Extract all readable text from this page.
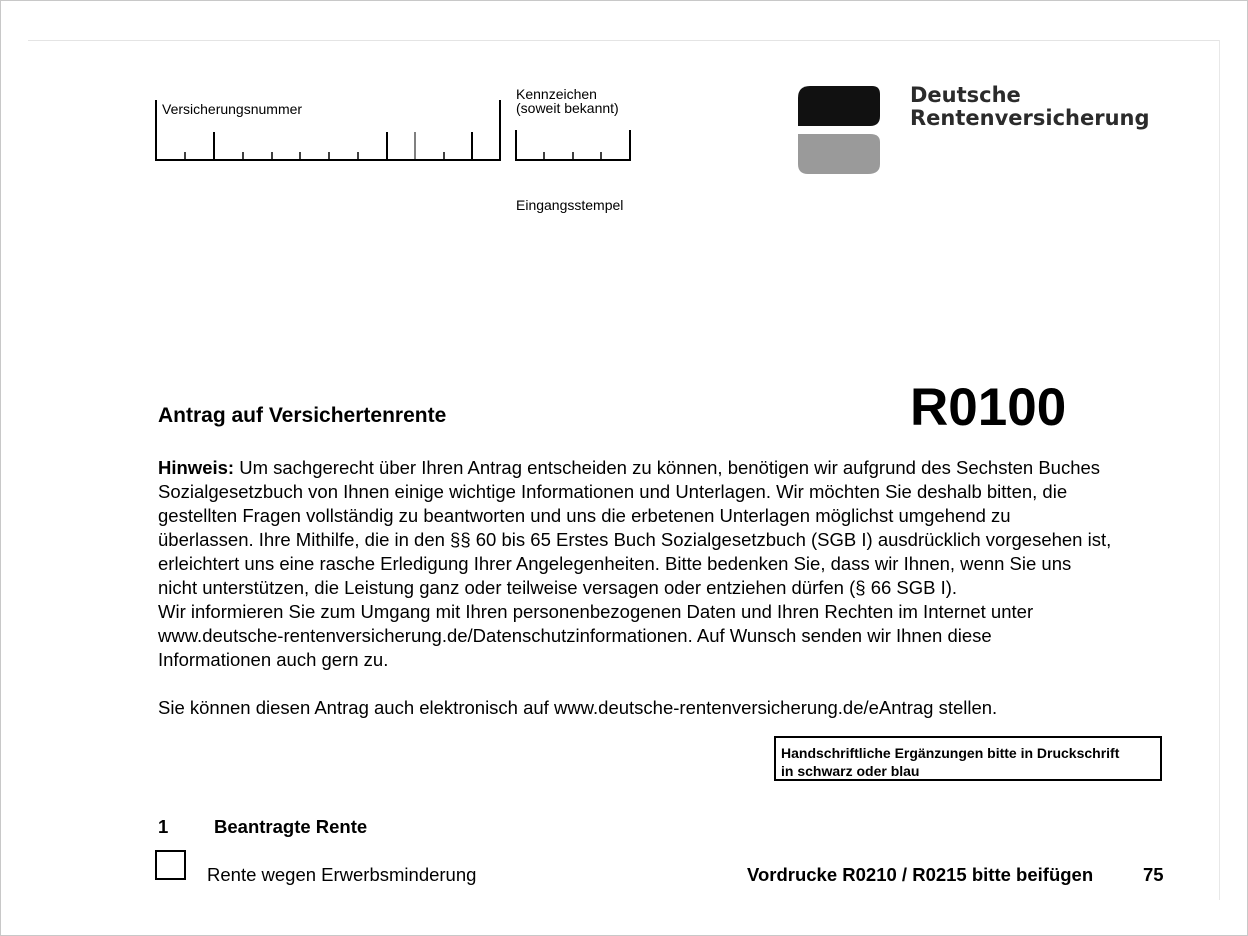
Versicherungsnummer
Kennzeichen
(soweit bekannt)
Eingangsstempel
Deutsche
Rentenversicherung
Antrag auf Versichertenrente	R0100

Hinweis: Um sachgerecht über Ihren Antrag entscheiden zu können, benötigen wir aufgrund des Sechsten Buches

Sozialgesetzbuch von Ihnen einige wichtige Informationen und Unterlagen. Wir möchten Sie deshalb bitten, die

gestellten Fragen vollständig zu beantworten und uns die erbetenen Unterlagen möglichst umgehend zu

überlassen. Ihre Mithilfe, die in den §§ 60 bis 65 Erstes Buch Sozialgesetzbuch (SGB I) ausdrücklich vorgesehen ist,

erleichtert uns eine rasche Erledigung Ihrer Angelegenheiten. Bitte bedenken Sie, dass wir Ihnen, wenn Sie uns

nicht unterstützen, die Leistung ganz oder teilweise versagen oder entziehen dürfen (§ 66 SGB I).

Wir informieren Sie zum Umgang mit Ihren personenbezogenen Daten und Ihren Rechten im Internet unter

www.deutsche-rentenversicherung.de/Datenschutzinformationen. Auf Wunsch senden wir Ihnen diese

Informationen auch gern zu.

Sie können diesen Antrag auch elektronisch auf www.deutsche-rentenversicherung.de/eAntrag stellen.

Handschriftliche Ergänzungen bitte in Druckschrift
in schwarz oder blau
1 Beantragte Rente
Rente wegen Erwerbsminderung	Vordrucke R0210 / R0215 bitte beifügen	75
